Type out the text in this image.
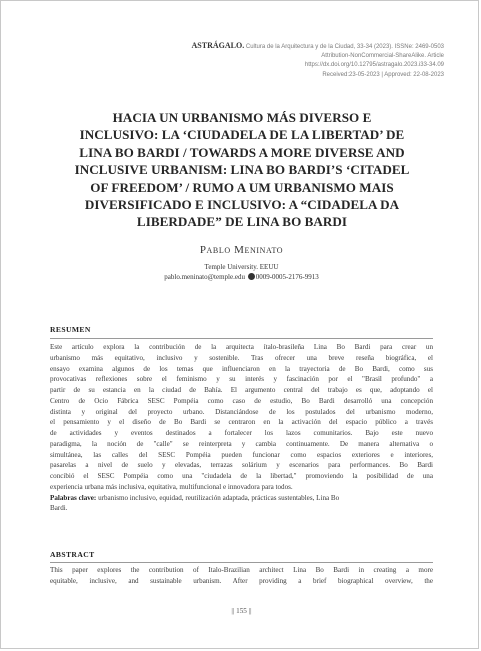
ASTRÁGALO. Cultura de la Arquitectura y de la Ciudad, 33-34 (2023). ISSNe: 2469-0503
Attribution-NonCommercial-ShareAlike. Article
https://dx.doi.org/10.12795/astragalo.2023.i33-34.09
Received:23-05-2023 | Approved: 22-08-2023
HACIA UN URBANISMO MÁS DIVERSO E
INCLUSIVO: LA ‘CIUDADELA DE LA LIBERTAD’ DE
LINA BO BARDI / TOWARDS A MORE DIVERSE AND
INCLUSIVE URBANISM: LINA BO BARDI’S ‘CITADEL
OF FREEDOM’ / RUMO A UM URBANISMO MAIS
DIVERSIFICADO E INCLUSIVO: A “CIDADELA DA
LIBERDADE” DE LINA BO BARDI
Pablo Meninato
Temple University. EEUU
pablo.meninato@temple.edu 0009-0005-2176-9913
RESUMEN
Este artículo explora la contribución de la arquitecta ítalo-brasileña Lina Bo Bardi para crear un
urbanismo más equitativo, inclusivo y sostenible. Tras ofrecer una breve reseña biográfica, el
ensayo examina algunos de los temas que influenciaron en la trayectoria de Bo Bardi, como sus
provocativas reflexiones sobre el feminismo y su interés y fascinación por el "Brasil profundo" a
partir de su estancia en la ciudad de Bahía. El argumento central del trabajo es que, adoptando el
Centro de Ocio Fábrica SESC Pompéia como caso de estudio, Bo Bardi desarrolló una concepción
distinta y original del proyecto urbano. Distanciándose de los postulados del urbanismo moderno,
el pensamiento y el diseño de Bo Bardi se centraron en la activación del espacio público a través
de actividades y eventos destinados a fortalecer los lazos comunitarios. Bajo este nuevo
paradigma, la noción de "calle" se reinterpreta y cambia continuamente. De manera alternativa o
simultánea, las calles del SESC Pompéia pueden funcionar como espacios exteriores e interiores,
pasarelas a nivel de suelo y elevadas, terrazas solárium y escenarios para performances. Bo Bardi
concibió el SESC Pompéia como una "ciudadela de la libertad," promoviendo la posibilidad de una
experiencia urbana más inclusiva, equitativa, multifuncional e innovadora para todos.
Palabras clave: urbanismo inclusivo, equidad, reutilización adaptada, prácticas sustentables, Lina Bo
Bardi.
ABSTRACT
This paper explores the contribution of Italo-Brazilian architect Lina Bo Bardi in creating a more
equitable, inclusive, and sustainable urbanism. After providing a brief biographical overview, the
|| 155 ||
